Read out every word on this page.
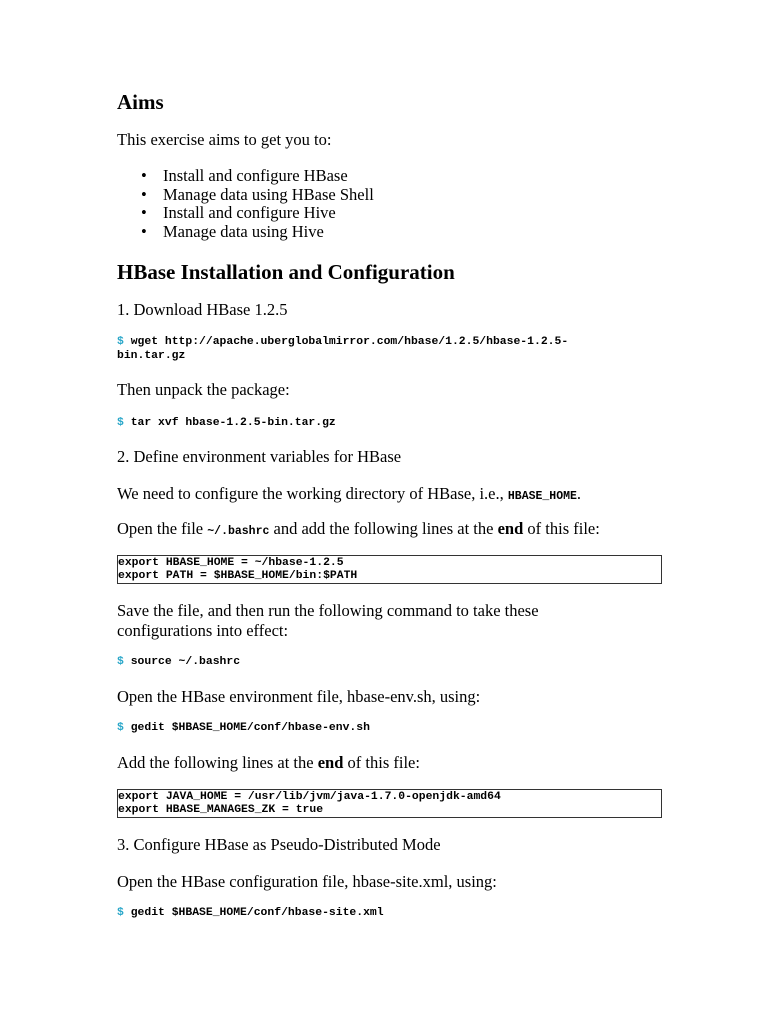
Aims

This exercise aims to get you to:

• Install and configure HBase
• Manage data using HBase Shell
• Install and configure Hive
• Manage data using Hive
HBase Installation and Configuration

1. Download HBase 1.2.5

$ wget http://apache.uberglobalmirror.com/hbase/1.2.5/hbase-1.2.5-
bin.tar.gz

Then unpack the package:

$ tar xvf hbase-1.2.5-bin.tar.gz

2. Define environment variables for HBase

We need to configure the working directory of HBase, i.e., HBASE_HOME.

Open the file ~/.bashrc and add the following lines at the end of this file:

export HBASE_HOME = ~/hbase-1.2.5
export PATH = $HBASE_HOME/bin:$PATH

Save the file, and then run the following command to take these
configurations into effect:

$ source ~/.bashrc

Open the HBase environment file, hbase-env.sh, using:

$ gedit $HBASE_HOME/conf/hbase-env.sh

Add the following lines at the end of this file:

export JAVA_HOME = /usr/lib/jvm/java-1.7.0-openjdk-amd64
export HBASE_MANAGES_ZK = true

3. Configure HBase as Pseudo-Distributed Mode

Open the HBase configuration file, hbase-site.xml, using:

$ gedit $HBASE_HOME/conf/hbase-site.xml
